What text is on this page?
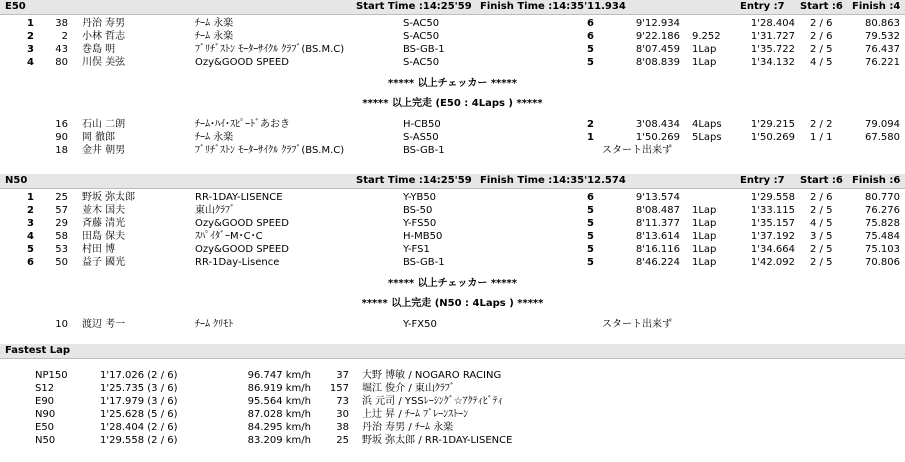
E50	Start Time :14:25'59 Finish Time :14:35'11.934	Entry :7 Start :6 Finish :4
1	38 丹治 寿男	ﾁｰﾑ 永楽	S-AC50	6	9'12.934	1'28.404 2 / 6	80.863
2	2 小林 哲志	ﾁｰﾑ 永楽	S-AC50	6	9'22.186 9.252	1'31.727 2 / 6	79.532
3	43 巻島 明	ﾌﾞﾘﾁﾞｽﾄﾝ ﾓｰﾀｰｻｲｸﾙ ｸﾗﾌﾞ(BS.M.C)	BS-GB-1	5	8'07.459 1Lap	1'35.722 2 / 5	76.437
4	80 川俣 美弦	Ozy&GOOD SPEED	S-AC50	5	8'08.839 1Lap	1'34.132 4 / 5	76.221
***** 以上チェッカー *****
***** 以上完走 (E50 : 4Laps ) *****
16 石山 二朗	ﾁｰﾑ･ﾊｲ･ｽﾋﾟｰﾄﾞあおき	H-CB50	2	3'08.434 4Laps	1'29.215 2 / 2	79.094
90 岡 徹郎	ﾁｰﾑ 永楽	S-AS50	1	1'50.269 5Laps	1'50.269 1 / 1	67.580
18 金井 朝男	ﾌﾞﾘﾁﾞｽﾄﾝ ﾓｰﾀｰｻｲｸﾙ ｸﾗﾌﾞ(BS.M.C)	BS-GB-1	スタート出来ず
N50	Start Time :14:25'59 Finish Time :14:35'12.574	Entry :7 Start :6 Finish :6
1	25 野坂 弥太郎	RR-1DAY-LISENCE	Y-YB50	6	9'13.574	1'29.558 2 / 6	80.770
2	57 並木 国夫	東山ｸﾗﾌﾞ	BS-50	5	8'08.487 1Lap	1'33.115 2 / 5	76.276
3	29 斉藤 清光	Ozy&GOOD SPEED	Y-FS50	5	8'11.377 1Lap	1'35.157 4 / 5	75.828
4	58 田島 保夫	ｽﾊﾟｲﾀﾞｰM･C･C	H-MB50	5	8'13.614 1Lap	1'37.192 3 / 5	75.484
5	53 村田 博	Ozy&GOOD SPEED	Y-FS1	5	8'16.116 1Lap	1'34.664 2 / 5	75.103
6	50 益子 國光	RR-1Day-Lisence	BS-GB-1	5	8'46.224 1Lap	1'42.092 2 / 5	70.806
***** 以上チェッカー *****
***** 以上完走 (N50 : 4Laps ) *****
10 渡辺 考一	ﾁｰﾑ ｸﾘﾓﾄ	Y-FX50	スタート出来ず
Fastest Lap
NP150	1'17.026 (2 / 6)	96.747 km/h	37 大野 博敏 / NOGARO RACING
S12	1'25.735 (3 / 6)	86.919 km/h	157 堀江 俊介 / 東山ｸﾗﾌﾞ
E90	1'17.979 (3 / 6)	95.564 km/h	73 浜 元司 / YSSﾚｰｼﾝｸﾞ☆ｱｸﾃｨﾋﾞﾃｨ
N90	1'25.628 (5 / 6)	87.028 km/h	30 上辻 昇 / ﾁｰﾑ ﾌﾞﾚｰﾝｽﾄｰﾝ
E50	1'28.404 (2 / 6)	84.295 km/h	38 丹治 寿男 / ﾁｰﾑ 永楽
N50	1'29.558 (2 / 6)	83.209 km/h	25 野坂 弥太郎 / RR-1DAY-LISENCE
